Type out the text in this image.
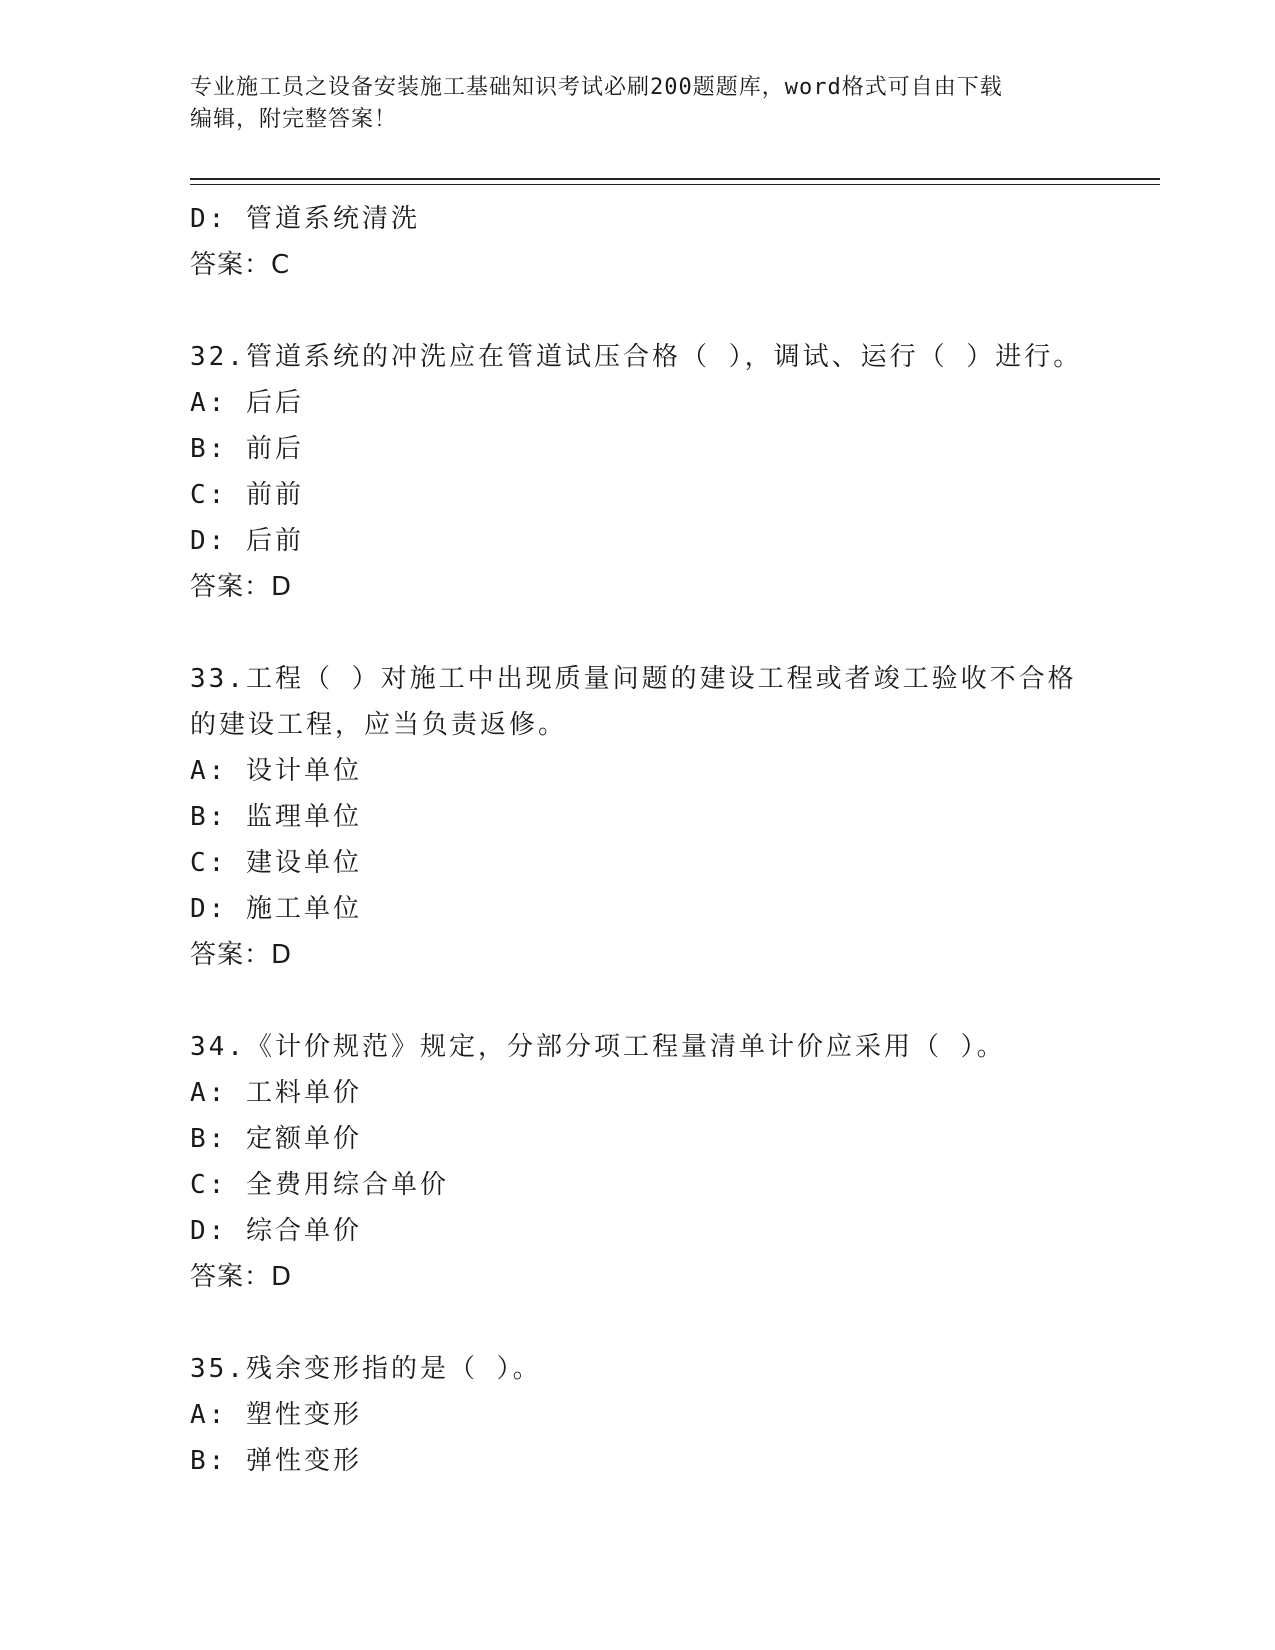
专业施工员之设备安装施工基础知识考试必刷200题题库，word格式可自由下载
编辑，附完整答案！
D: 管道系统清洗
答案：C
32.管道系统的冲洗应在管道试压合格（ ），调试、运行（ ）进行。
A: 后后
B: 前后
C: 前前
D: 后前
答案：D
33.工程（ ）对施工中出现质量问题的建设工程或者竣工验收不合格
的建设工程，应当负责返修。
A: 设计单位
B: 监理单位
C: 建设单位
D: 施工单位
答案：D
34.《计价规范》规定，分部分项工程量清单计价应采用（ ）。
A: 工料单价
B: 定额单价
C: 全费用综合单价
D: 综合单价
答案：D
35.残余变形指的是（ ）。
A: 塑性变形
B: 弹性变形
